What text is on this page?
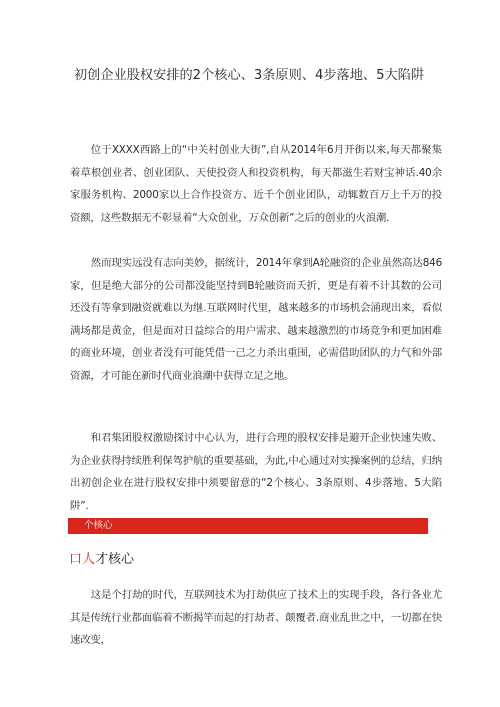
初创企业股权安排的2个核心、3条原则、4步落地、5大陷阱

位于XXXX西路上的“中关村创业大街”,自从2014年6月开街以来,每天都聚集着草根创业者、创业团队、天使投资人和投资机构，每天都滋生若财宝神话.40余家服务机构、2000家以上合作投资方、近千个创业团队，动辄数百万上千万的投资额，这些数据无不彰显着“大众创业，万众创新”之后的创业的火浪潮.

然而现实远没有志向美妙，据统计，2014年拿到A轮融资的企业虽然高达846家，但是绝大部分的公司都没能坚持到B轮融资而夭折，更是有着不计其数的公司还没有等拿到融资就难以为继.互联网时代里，越来越多的市场机会涌现出来，看似满场都是黄金，但是面对日益综合的用户需求、越来越激烈的市场竞争和更加困难的商业环境，创业者没有可能凭借一己之力杀出重围，必需借助团队的力气和外部资源，才可能在新时代商业浪潮中获得立足之地。

和君集团股权激励探讨中心认为，进行合理的股权安排是避开企业快速失败、为企业获得持续胜利保驾护航的重要基础，为此,中心通过对实操案例的总结，归纳出初创企业在进行股权安排中须要留意的“2个核心、3条原则、4步落地、5大陷阱”.

个核心
口人才核心

这是个打劫的时代，互联网技术为打劫供应了技术上的实现手段，各行各业尤其是传统行业都面临着不断揭竿而起的打劫者、颠覆者.商业乱世之中，一切都在快速改变，
